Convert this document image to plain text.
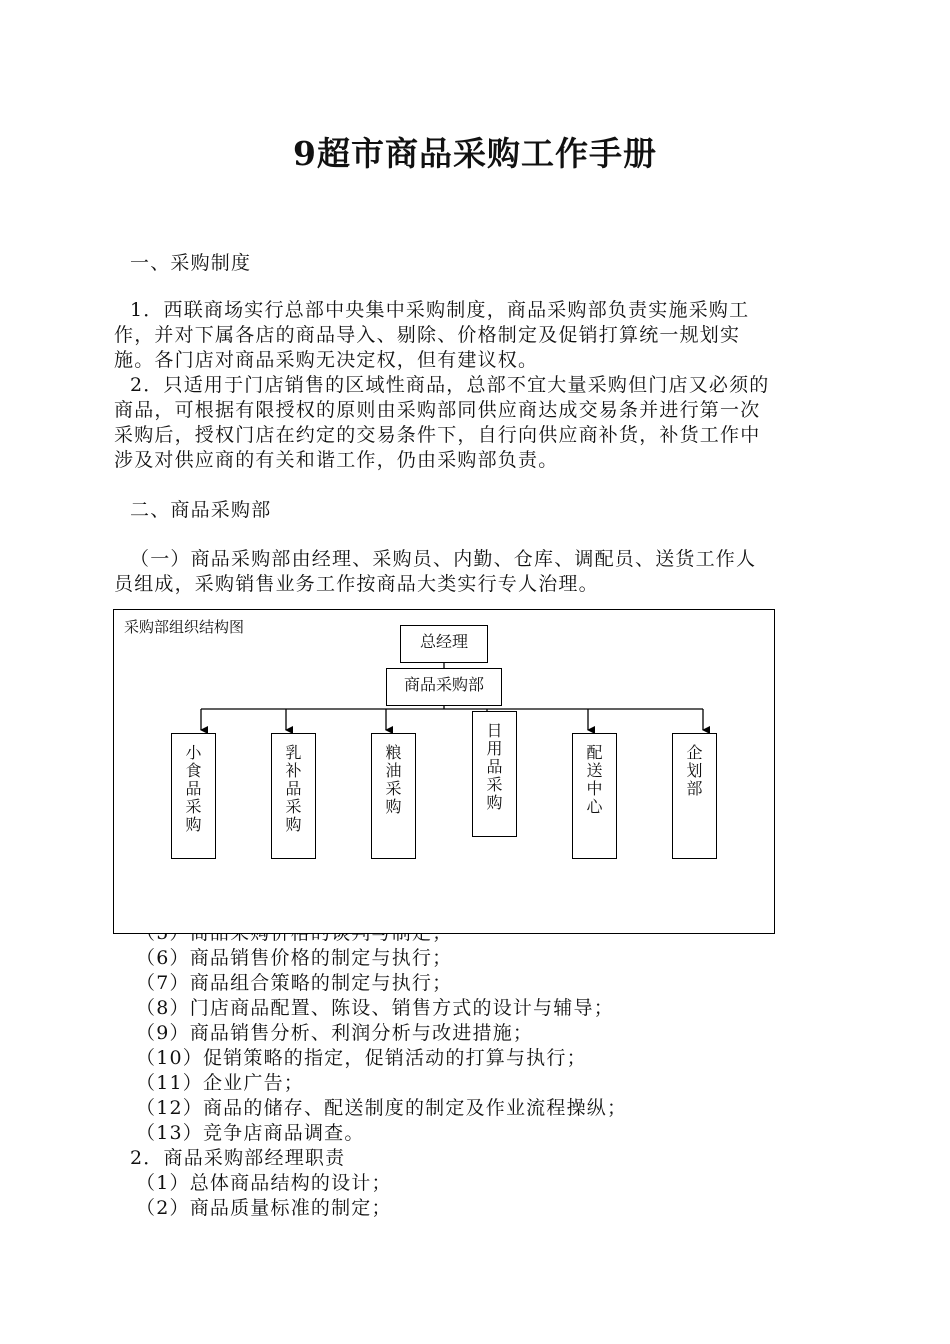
9超市商品采购工作手册
一、采购制度
1．西联商场实行总部中央集中采购制度，商品采购部负责实施采购工
作，并对下属各店的商品导入、剔除、价格制定及促销打算统一规划实
施。各门店对商品采购无决定权，但有建议权。
2．只适用于门店销售的区域性商品，总部不宜大量采购但门店又必须的
商品，可根据有限授权的原则由采购部同供应商达成交易条并进行第一次
采购后，授权门店在约定的交易条件下，自行向供应商补货，补货工作中
涉及对供应商的有关和谐工作，仍由采购部负责。
二、商品采购部
（一）商品采购部由经理、采购员、内勤、仓库、调配员、送货工作人
员组成，采购销售业务工作按商品大类实行专人治理。
采购部组织结构图
总经理
商品采购部
小食品采购
乳补品采购
粮油采购
日用品采购
配送中心
企划部
（6）商品销售价格的制定与执行；
（7）商品组合策略的制定与执行；
（8）门店商品配置、陈设、销售方式的设计与辅导；
（9）商品销售分析、利润分析与改进措施；
（10）促销策略的指定，促销活动的打算与执行；
（11）企业广告；
（12）商品的储存、配送制度的制定及作业流程操纵；
（13）竞争店商品调查。
2．商品采购部经理职责
（1）总体商品结构的设计；
（2）商品质量标准的制定；
